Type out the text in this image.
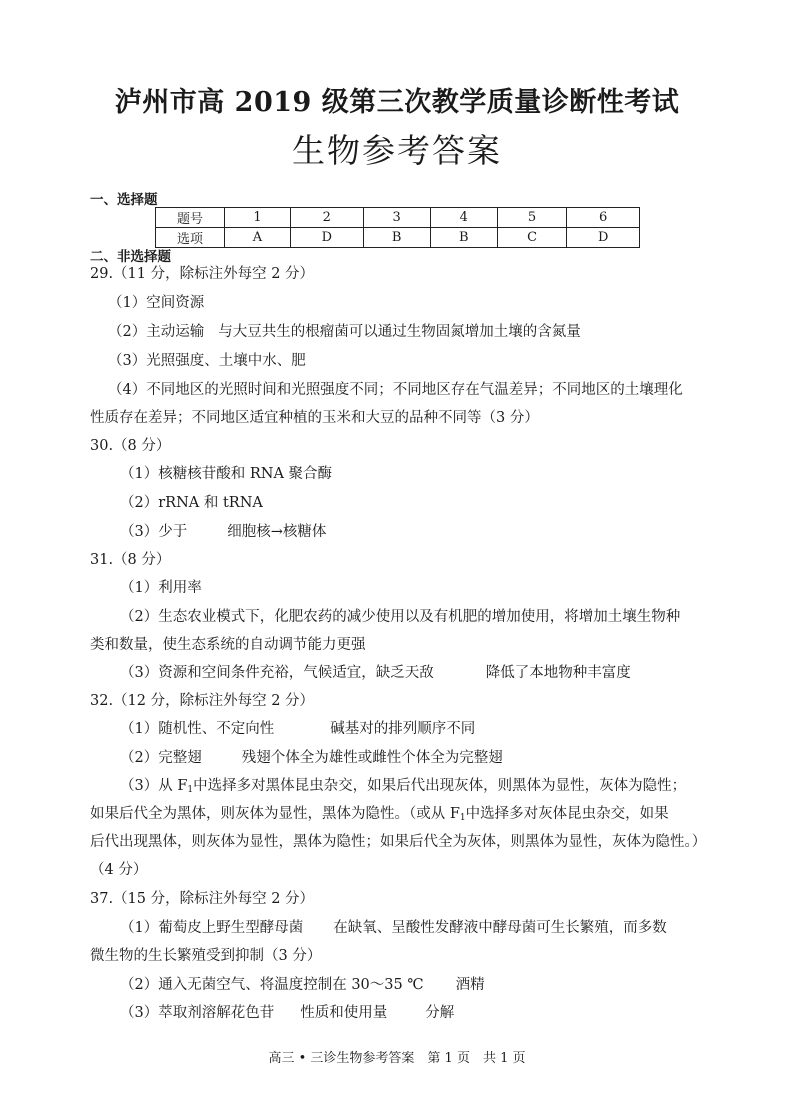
泸州市高 2019 级第三次教学质量诊断性考试
生物参考答案
一、选择题
题号	1	2	3	4	5	6
选项	A	D	B	B	C	D
二、非选择题
29.（11 分，除标注外每空 2 分）
（1）空间资源
（2）主动运输 与大豆共生的根瘤菌可以通过生物固氮增加土壤的含氮量
（3）光照强度、土壤中水、肥
（4）不同地区的光照时间和光照强度不同；不同地区存在气温差异；不同地区的土壤理化
性质存在差异；不同地区适宜种植的玉米和大豆的品种不同等（3 分）
30.（8 分）
（1）核糖核苷酸和 RNA 聚合酶
（2）rRNA 和 tRNA
（3）少于	细胞核→核糖体
31.（8 分）
（1）利用率
（2）生态农业模式下，化肥农药的减少使用以及有机肥的增加使用，将增加土壤生物种
类和数量，使生态系统的自动调节能力更强
（3）资源和空间条件充裕，气候适宜，缺乏天敌	降低了本地物种丰富度
32.（12 分，除标注外每空 2 分）
（1）随机性、不定向性	碱基对的排列顺序不同
（2）完整翅	残翅个体全为雄性或雌性个体全为完整翅
（3）从 $F_1$中选择多对黑体昆虫杂交，如果后代出现灰体，则黑体为显性，灰体为隐性；
如果后代全为黑体，则灰体为显性，黑体为隐性。（或从 $F_1$中选择多对灰体昆虫杂交，如果
后代出现黑体，则灰体为显性，黑体为隐性；如果后代全为灰体，则黑体为显性，灰体为隐性。）
（4 分）
37.（15 分，除标注外每空 2 分）
（1）葡萄皮上野生型酵母菌 在缺氧、呈酸性发酵液中酵母菌可生长繁殖，而多数
微生物的生长繁殖受到抑制（3 分）
（2）通入无菌空气、将温度控制在 30～35 ℃ 酒精
（3）萃取剂溶解花色苷 性质和使用量	分解
高三 • 三诊生物参考答案　第 1 页　共 1 页
